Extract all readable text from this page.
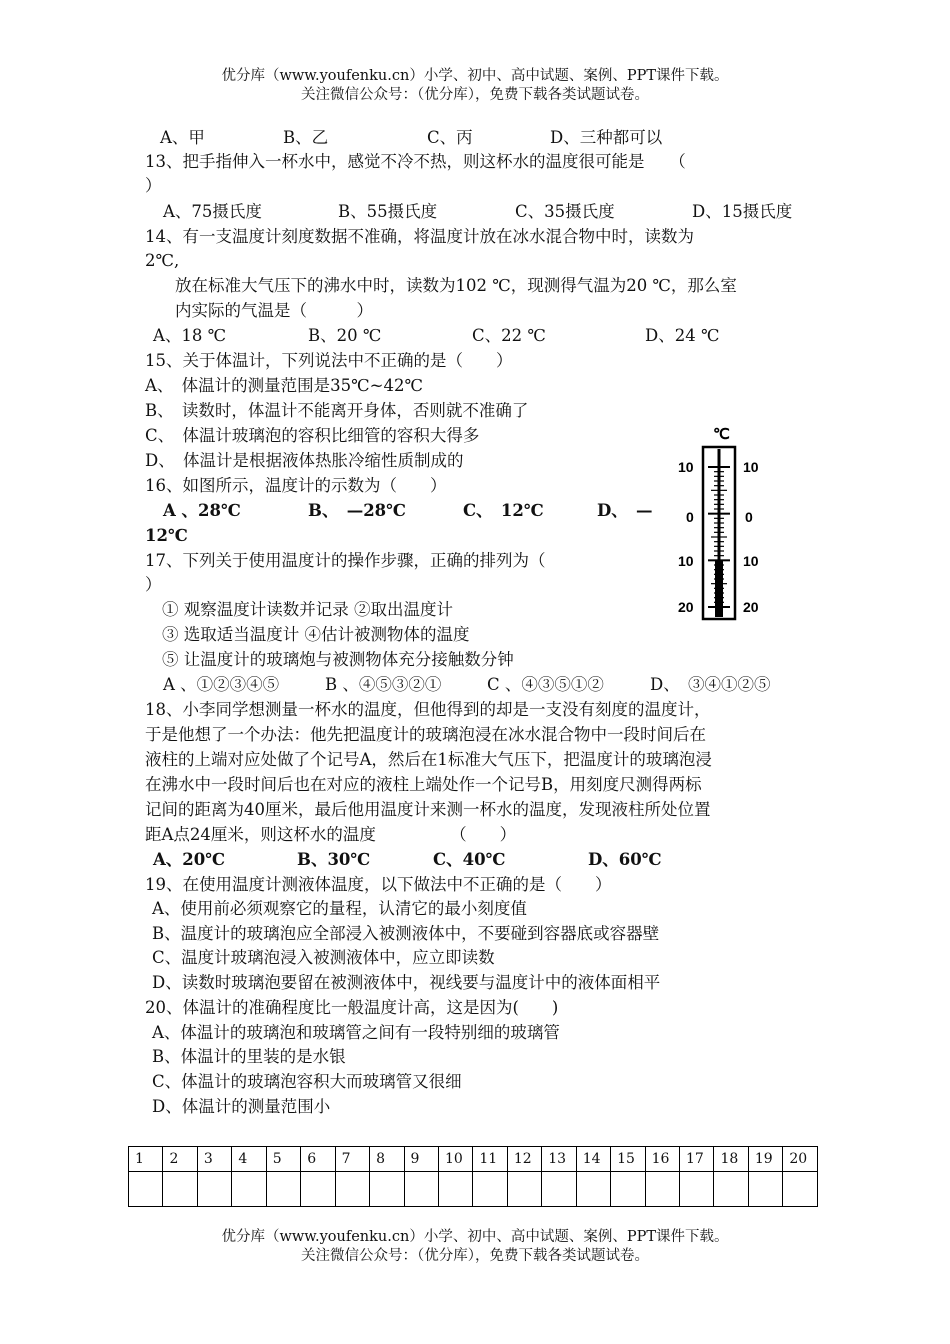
优分库（www.youfenku.cn）小学、初中、高中试题、案例、PPT课件下载。
关注微信公众号：（优分库），免费下载各类试题试卷。
A、甲	B、乙	C、丙	D、三种都可以
13、把手指伸入一杯水中，感觉不冷不热，则这杯水的温度很可能是　　（
）
A、75摄氏度	B、55摄氏度	C、35摄氏度	D、15摄氏度
14、有一支温度计刻度数据不准确，将温度计放在冰水混合物中时，读数为
2℃,
放在标准大气压下的沸水中时，读数为102 ℃，现测得气温为20 ℃，那么室
内实际的气温是（　　　）
A、18 ℃	B、20 ℃	C、22 ℃	D、24 ℃
15、关于体温计，下列说法中不正确的是（　　）
A、　体温计的测量范围是35℃~42℃
B、　读数时，体温计不能离开身体，否则就不准确了
C、　体温计玻璃泡的容积比细管的容积大得多
D、　体温计是根据液体热胀冷缩性质制成的
16、如图所示，温度计的示数为（　　）
A 、28℃	B、　—28℃	C、　12℃	D、　—
12℃
℃
10
0
10
20
10
0
10
20
17、下列关于使用温度计的操作步骤，正确的排列为（
）
① 观察温度计读数并记录 ②取出温度计
③ 选取适当温度计 ④估计被测物体的温度
⑤ 让温度计的玻璃炮与被测物体充分接触数分钟
A 、①②③④⑤	B 、④⑤③②①	C 、④③⑤①②	D、　③④①②⑤
18、小李同学想测量一杯水的温度，但他得到的却是一支没有刻度的温度计，
于是他想了一个办法：他先把温度计的玻璃泡浸在冰水混合物中一段时间后在
液柱的上端对应处做了个记号A，然后在1标准大气压下，把温度计的玻璃泡浸
在沸水中一段时间后也在对应的液柱上端处作一个记号B，用刻度尺测得两标
记间的距离为40厘米，最后他用温度计来测一杯水的温度，发现液柱所处位置
距A点24厘米，则这杯水的温度　　　　　（　　）
A、20℃	B、30℃	C、40℃	D、60℃
19、在使用温度计测液体温度，以下做法中不正确的是（　　）
A、使用前必须观察它的量程，认清它的最小刻度值
B、温度计的玻璃泡应全部浸入被测液体中，不要碰到容器底或容器壁
C、温度计玻璃泡浸入被测液体中，应立即读数
D、读数时玻璃泡要留在被测液体中，视线要与温度计中的液体面相平
20、体温计的准确程度比一般温度计高，这是因为(　　)
A、体温计的玻璃泡和玻璃管之间有一段特别细的玻璃管
B、体温计的里装的是水银
C、体温计的玻璃泡容积大而玻璃管又很细
D、体温计的测量范围小
1	2	3	4	5	6	7	8	9	10	11	12	13	14	15	16	17	18	19	20

优分库（www.youfenku.cn）小学、初中、高中试题、案例、PPT课件下载。
关注微信公众号：（优分库），免费下载各类试题试卷。
